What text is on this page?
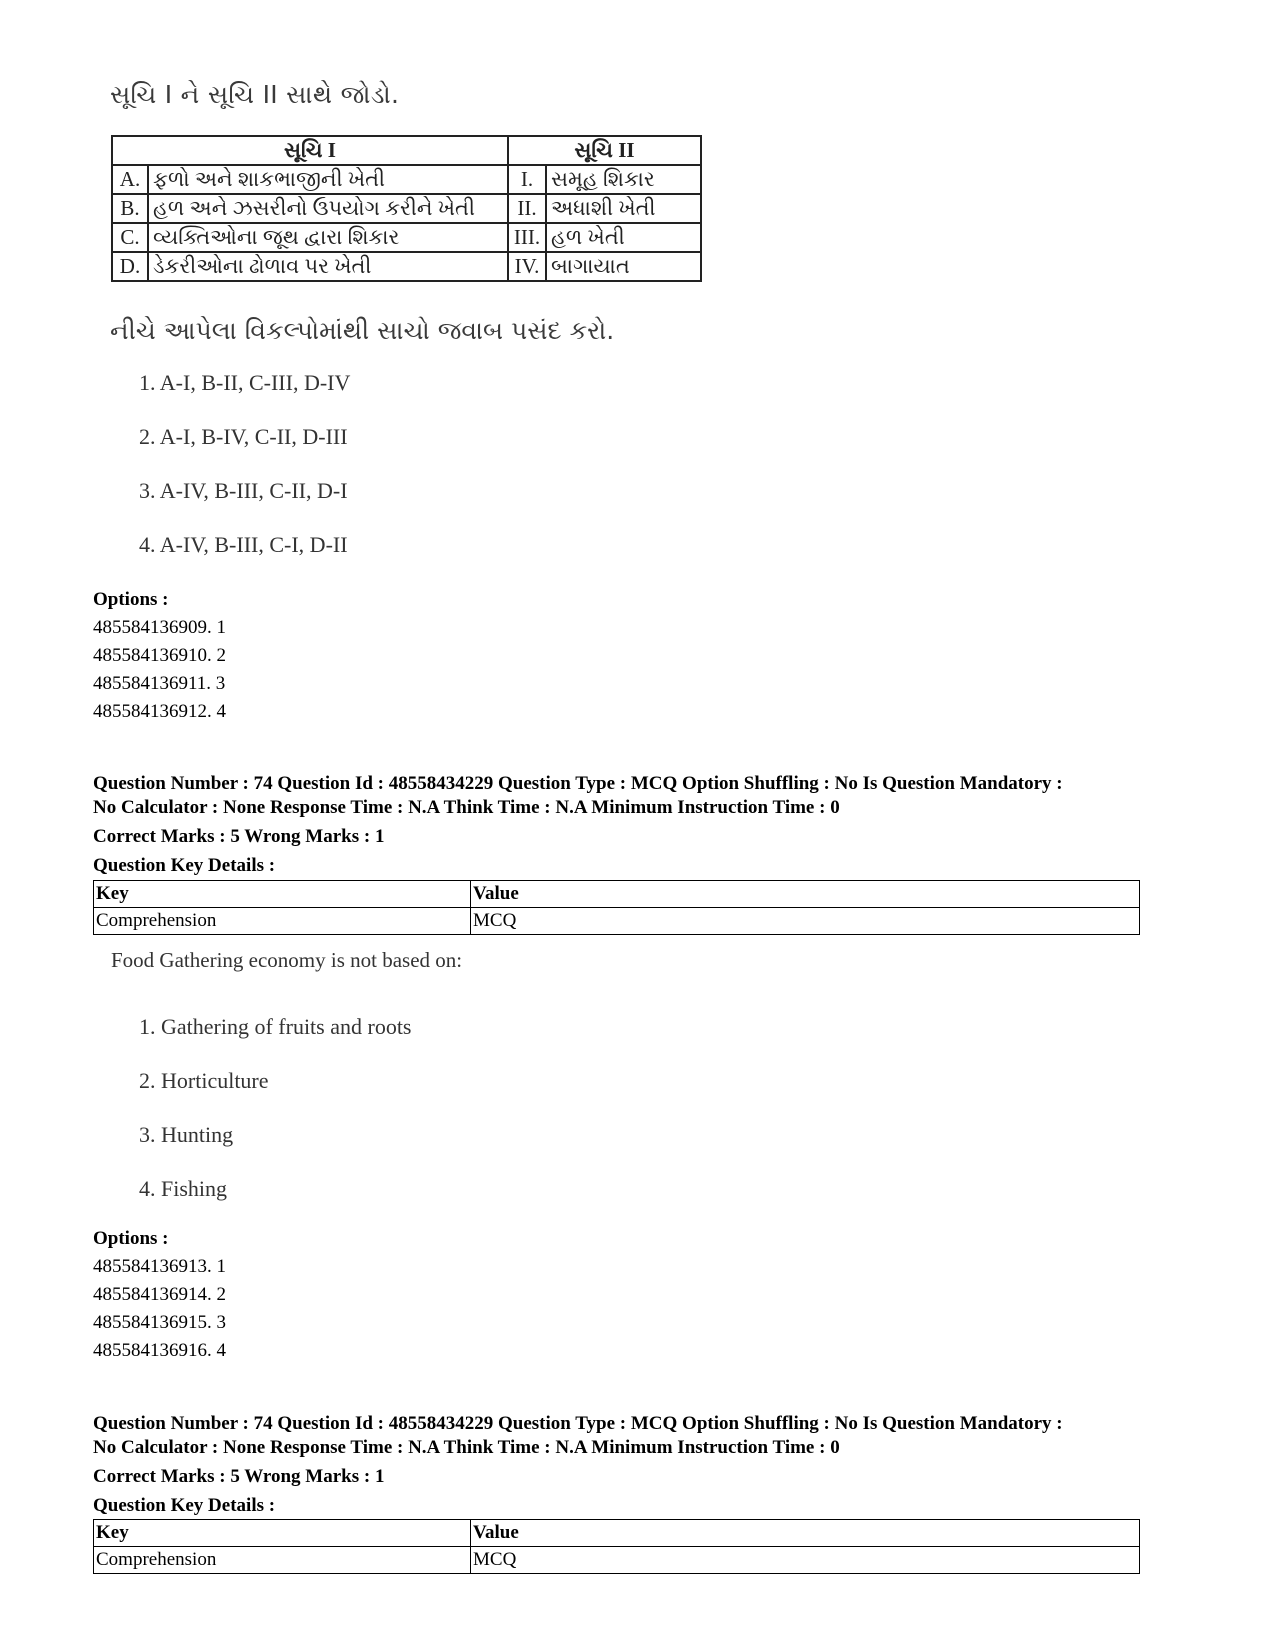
સૂચિ I ને સૂચિ II સાથે જોડો.
સૂચિ I		સૂચિ II	
A.	ફળો અને શાકભાજીની ખેતી	I.	સમૂહ શિકાર
B.	હળ અને ઝસરીનો ઉપયોગ કરીને ખેતી	II.	અધાશી ખેતી
C.	વ્યક્તિઓના જૂથ દ્વારા શિકાર	III.	હળ ખેતી
D.	ડેકરીઓના ઢોળાવ પર ખેતી	IV.	બાગાયાત
નીચે આપેલા વિકલ્પોમાંથી સાચો જવાબ પસંદ કરો.
1. A-I, B-II, C-III, D-IV
2. A-I, B-IV, C-II, D-III
3. A-IV, B-III, C-II, D-I
4. A-IV, B-III, C-I, D-II
Options :
485584136909. 1
485584136910. 2
485584136911. 3
485584136912. 4
Question Number : 74 Question Id : 48558434229 Question Type : MCQ Option Shuffling : No Is Question Mandatory :
No Calculator : None Response Time : N.A Think Time : N.A Minimum Instruction Time : 0
Correct Marks : 5 Wrong Marks : 1
Question Key Details :
Key	Value
Comprehension	MCQ
Food Gathering economy is not based on:
1. Gathering of fruits and roots
2. Horticulture
3. Hunting
4. Fishing
Options :
485584136913. 1
485584136914. 2
485584136915. 3
485584136916. 4
Question Number : 74 Question Id : 48558434229 Question Type : MCQ Option Shuffling : No Is Question Mandatory :
No Calculator : None Response Time : N.A Think Time : N.A Minimum Instruction Time : 0
Correct Marks : 5 Wrong Marks : 1
Question Key Details :
Key	Value
Comprehension	MCQ
